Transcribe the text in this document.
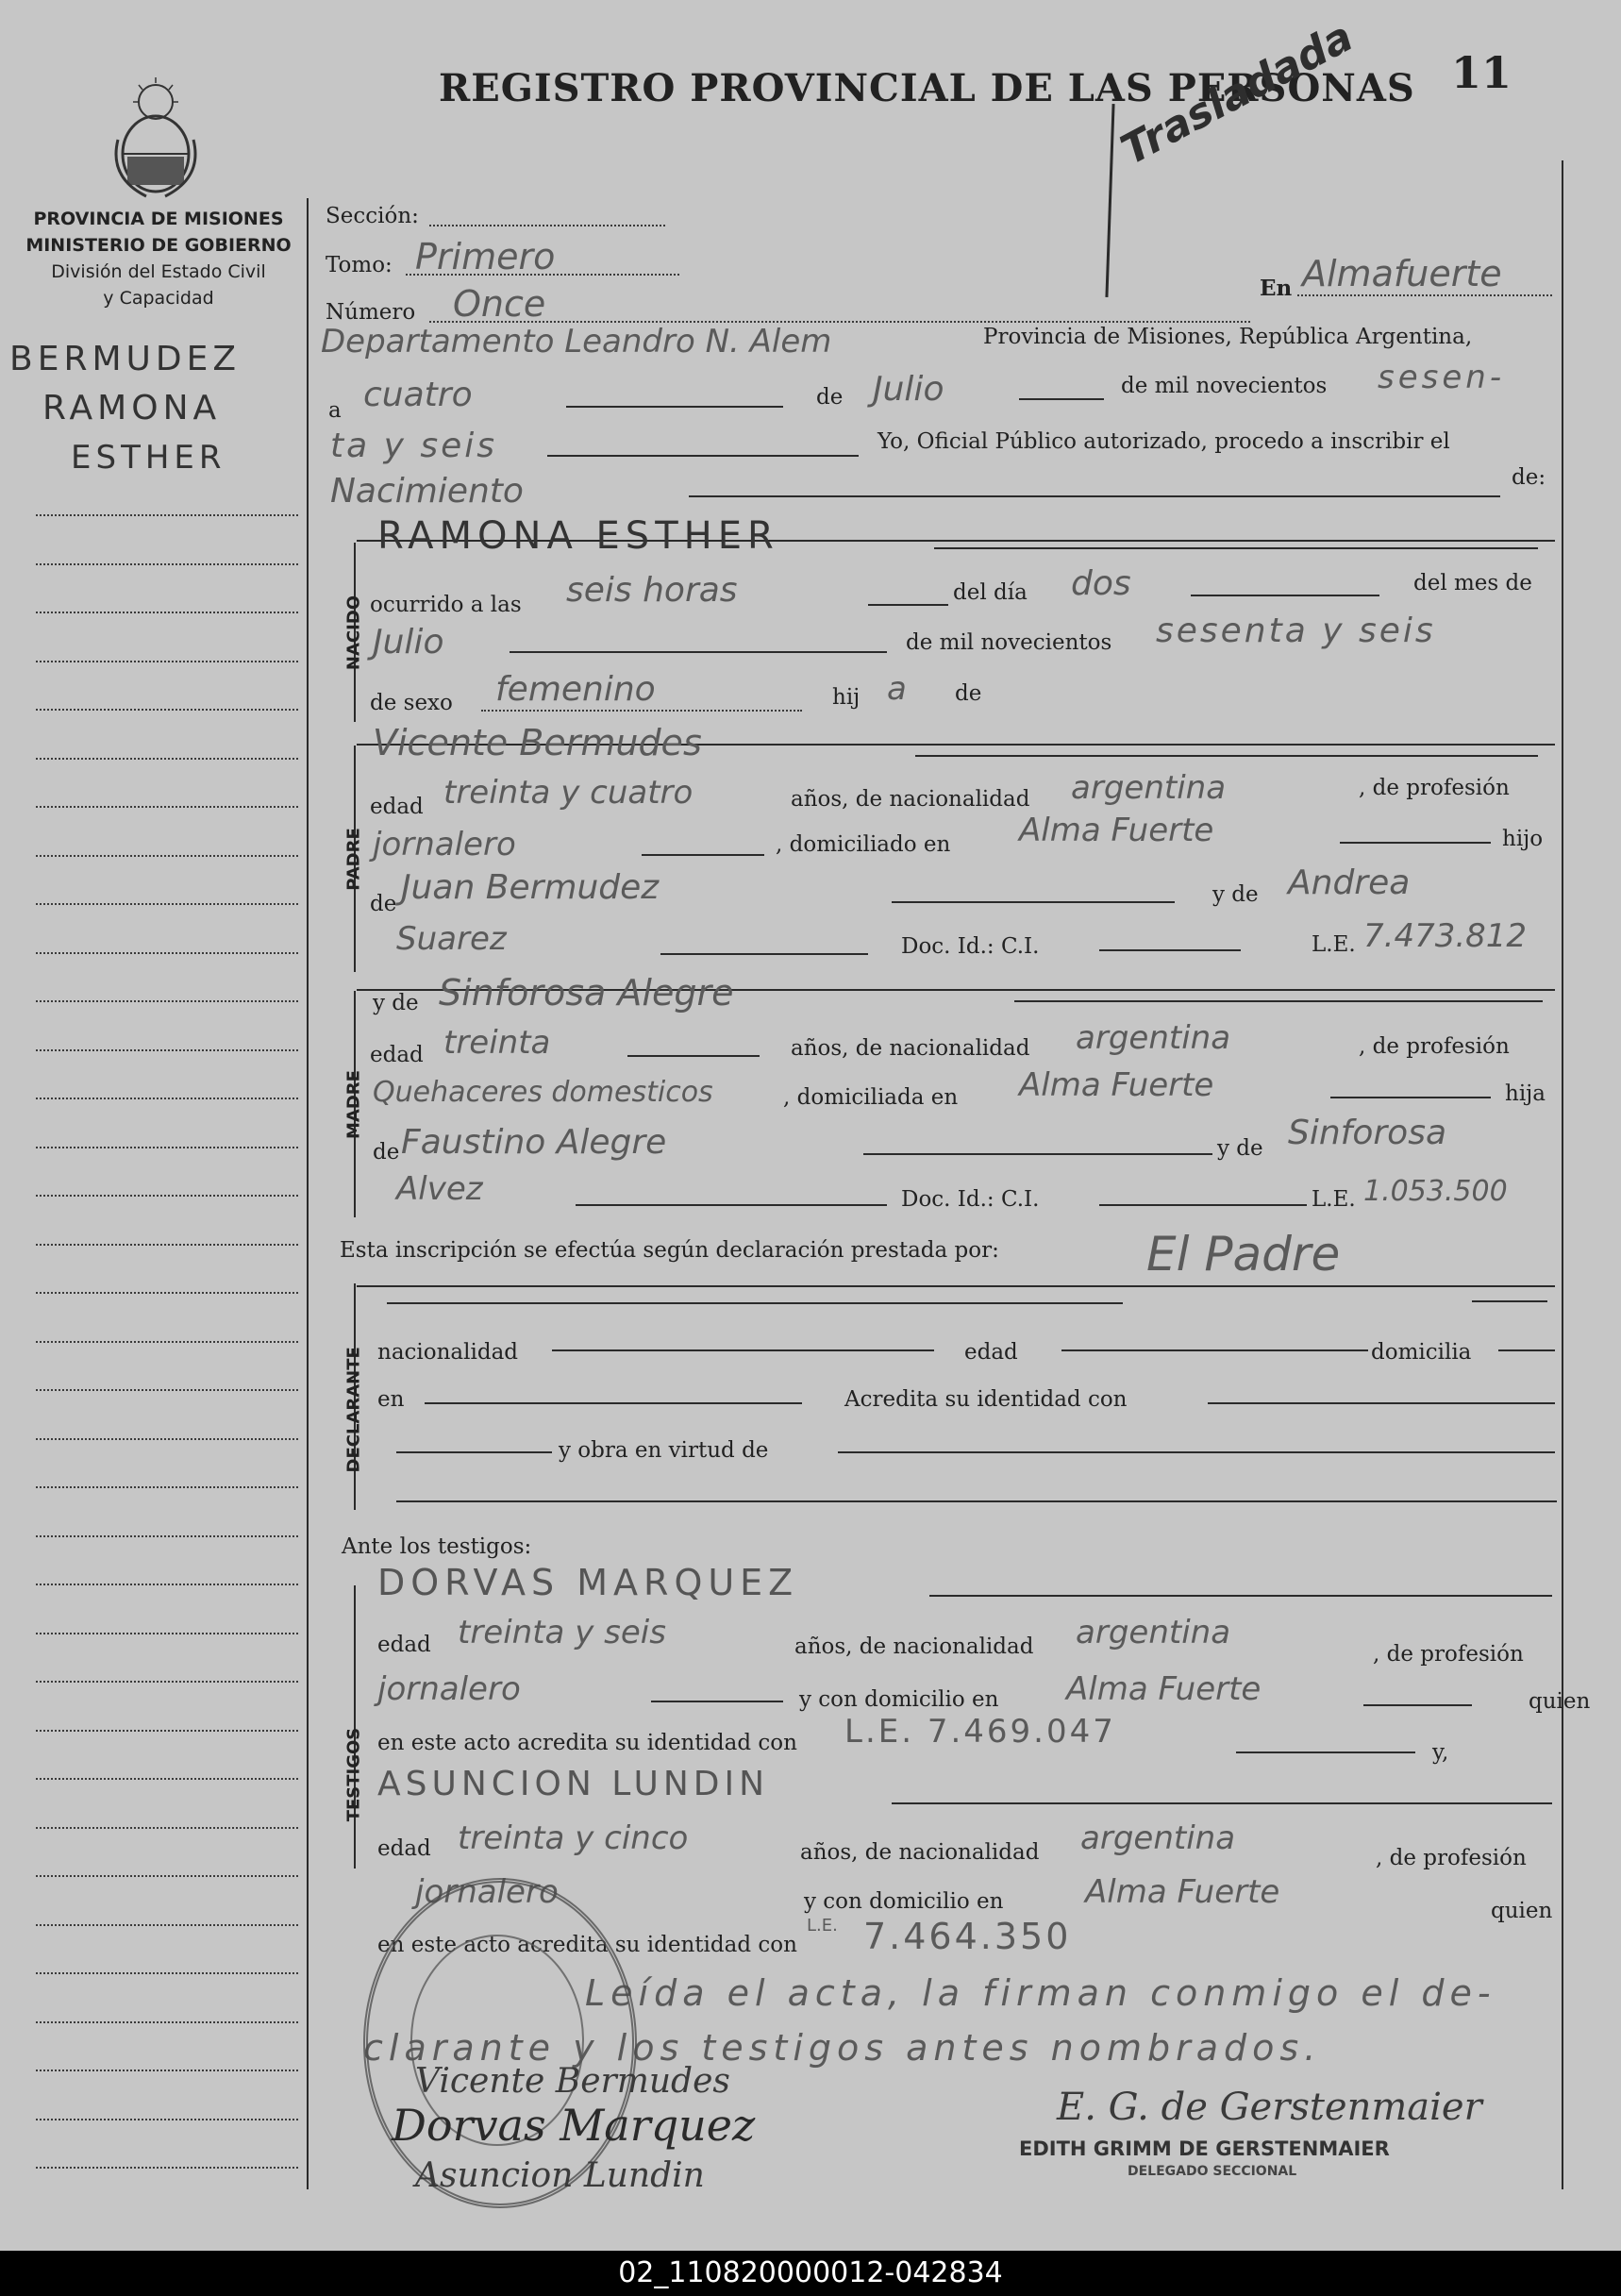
REGISTRO PROVINCIAL DE LAS PERSONAS 11
Trasladada
PROVINCIA DE MISIONES
MINISTERIO DE GOBIERNO
División del Estado Civil
y Capacidad
BERMUDEZ
RAMONA
ESTHER
Sección:
Tomo: Primero
Número Once	En Almafuerte
Departamento Leandro N. Alem	Provincia de Misiones, República Argentina,
a cuatro	de Julio	de mil novecientos sesen-
ta y seis	Yo, Oficial Público autorizado, procedo a inscribir el
Nacimiento	de:
NACIDO
RAMONA ESTHER
ocurrido a las seis horas	del día dos	del mes de
Julio	de mil novecientos sesenta y seis
de sexo femenino	hij a de
PADRE
Vicente Bermudes
edad treinta y cuatro	años, de nacionalidad argentina	, de profesión
jornalero	, domiciliado en Alma Fuerte	hijo
de Juan Bermudez	y de Andrea
Suarez	Doc. Id.: C.I.	L.E. 7.473.812
MADRE
y de Sinforosa Alegre
edad treinta	años, de nacionalidad argentina	, de profesión
Quehaceres domesticos	, domiciliada en Alma Fuerte	hija
de Faustino Alegre	y de Sinforosa
Alvez	Doc. Id.: C.I.	L.E. 1.053.500
Esta inscripción se efectúa según declaración prestada por:	El Padre
DECLARANTE nacionalidad	edad	domicilia
en	Acredita su identidad con
y obra en virtud de
Ante los testigos:
TESTIGOS
DORVAS MARQUEZ
edad treinta y seis	años, de nacionalidad argentina
, de profesión
jornalero	y con domicilio en Alma Fuerte	quien
en este acto acredita su identidad con L.E. 7.469.047
y,
ASUNCION LUNDIN
edad treinta y cinco	años, de nacionalidad argentina
, de profesión
jornalero	y con domicilio en	Alma Fuerte	quien
en este acto acredita su identidad con
L.E. 7.464.350
Leída el acta, la firman conmigo el de-
clarante y los testigos antes nombrados.
Vicente Bermudes
Dorvas Marquez
Asuncion Lundin
E. G. de Gerstenmaier
EDITH GRIMM DE GERSTENMAIER
DELEGADO SECCIONAL
02_110820000012-042834
